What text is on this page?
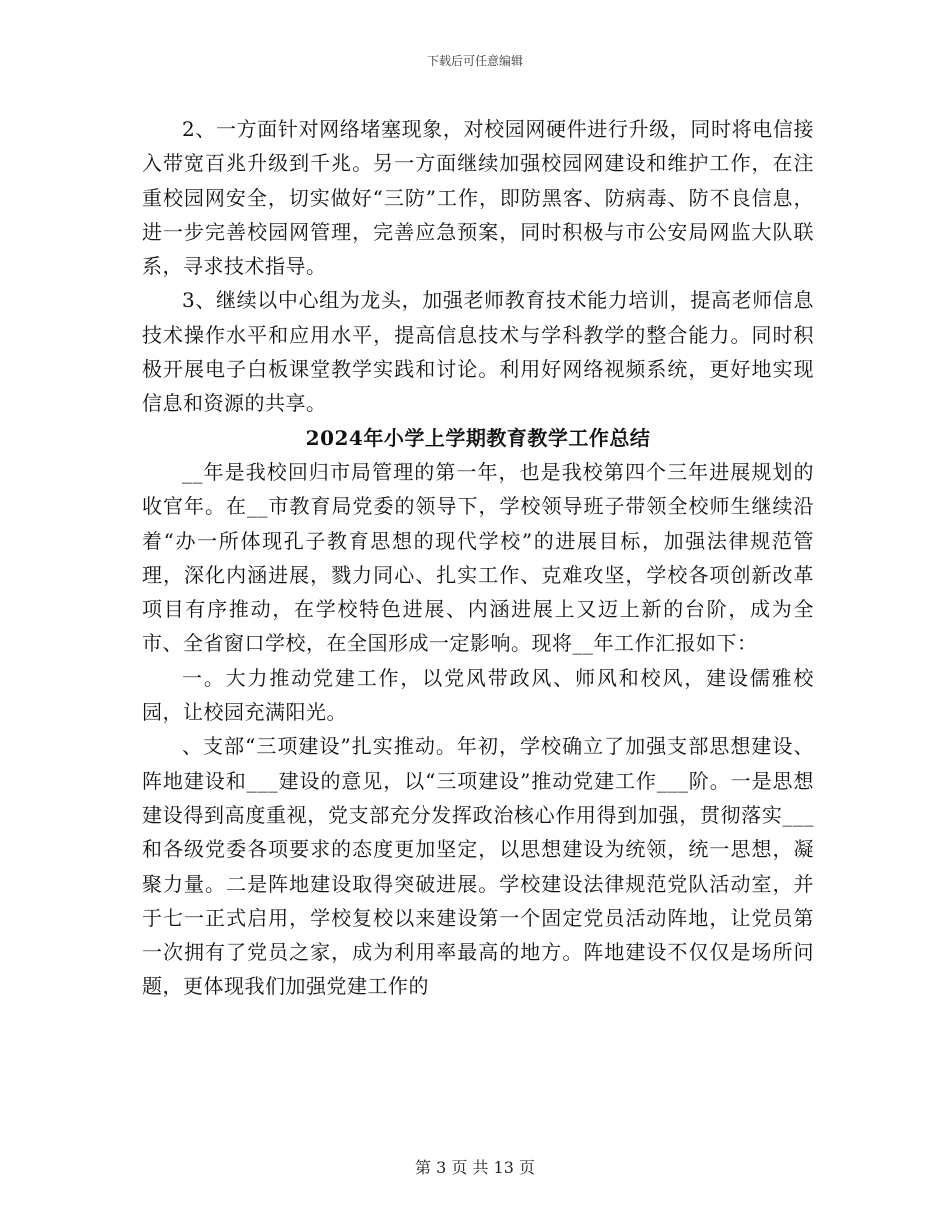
下载后可任意编辑

2、一方面针对网络堵塞现象，对校园网硬件进行升级，同时将电信接入带宽百兆升级到千兆。另一方面继续加强校园网建设和维护工作，在注重校园网安全，切实做好“三防”工作，即防黑客、防病毒、防不良信息，进一步完善校园网管理，完善应急预案，同时积极与市公安局网监大队联系，寻求技术指导。

3、继续以中心组为龙头，加强老师教育技术能力培训，提高老师信息技术操作水平和应用水平，提高信息技术与学科教学的整合能力。同时积极开展电子白板课堂教学实践和讨论。利用好网络视频系统，更好地实现信息和资源的共享。

2024年小学上学期教育教学工作总结

__年是我校回归市局管理的第一年，也是我校第四个三年进展规划的收官年。在__市教育局党委的领导下，学校领导班子带领全校师生继续沿着“办一所体现孔子教育思想的现代学校”的进展目标，加强法律规范管理，深化内涵进展，戮力同心、扎实工作、克难攻坚，学校各项创新改革项目有序推动，在学校特色进展、内涵进展上又迈上新的台阶，成为全市、全省窗口学校，在全国形成一定影响。现将__年工作汇报如下：

一。大力推动党建工作，以党风带政风、师风和校风，建设儒雅校园，让校园充满阳光。

、支部“三项建设”扎实推动。年初，学校确立了加强支部思想建设、阵地建设和___建设的意见，以“三项建设”推动党建工作___阶。一是思想建设得到高度重视，党支部充分发挥政治核心作用得到加强，贯彻落实___和各级党委各项要求的态度更加坚定，以思想建设为统领，统一思想，凝聚力量。二是阵地建设取得突破进展。学校建设法律规范党队活动室，并于七一正式启用，学校复校以来建设第一个固定党员活动阵地，让党员第一次拥有了党员之家，成为利用率最高的地方。阵地建设不仅仅是场所问题，更体现我们加强党建工作的

第 3 页 共 13 页
